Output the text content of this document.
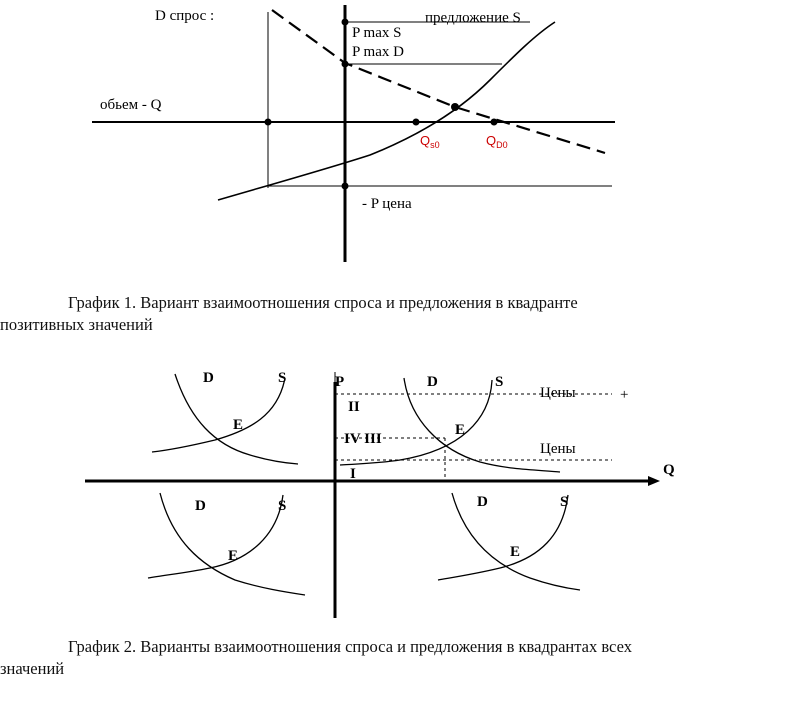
D спрос :	предложение S
P max S
P max D
обьем - Q
- P цена
$Q_{s0}$	$Q_{D0}$
P
Q
Цены	+
Цены
II
IV III
I
D	S
E
D	S
E
D	S
E
D	S
E
График 1. Вариант взаимоотношения спроса и предложения в квадранте
позитивных значений
График 2. Варианты взаимоотношения спроса и предложения в квадрантах всех
значений
